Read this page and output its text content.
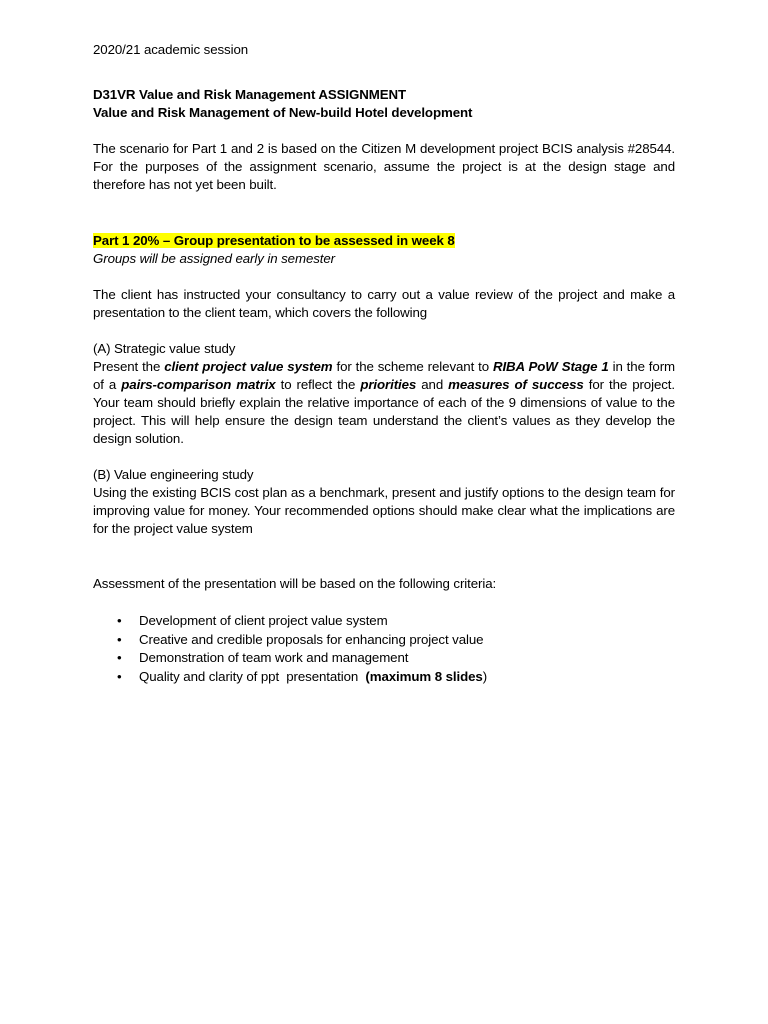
2020/21 academic session

D31VR Value and Risk Management ASSIGNMENT

Value and Risk Management of New-build Hotel development

The scenario for Part 1 and 2 is based on the Citizen M development project BCIS analysis #28544. For the purposes of the assignment scenario, assume the project is at the design stage and therefore has not yet been built.

Part 1 20% – Group presentation to be assessed in week 8

Groups will be assigned early in semester

The client has instructed your consultancy to carry out a value review of the project and make a presentation to the client team, which covers the following

(A) Strategic value study

Present the client project value system for the scheme relevant to RIBA PoW Stage 1 in the form of a pairs-comparison matrix to reflect the priorities and measures of success for the project. Your team should briefly explain the relative importance of each of the 9 dimensions of value to the project. This will help ensure the design team understand the client’s values as they develop the design solution.

(B) Value engineering study

Using the existing BCIS cost plan as a benchmark, present and justify options to the design team for improving value for money. Your recommended options should make clear what the implications are for the project value system

Assessment of the presentation will be based on the following criteria:

• Development of client project value system
• Creative and credible proposals for enhancing project value
• Demonstration of team work and management
• Quality and clarity of ppt  presentation  (maximum 8 slides)
